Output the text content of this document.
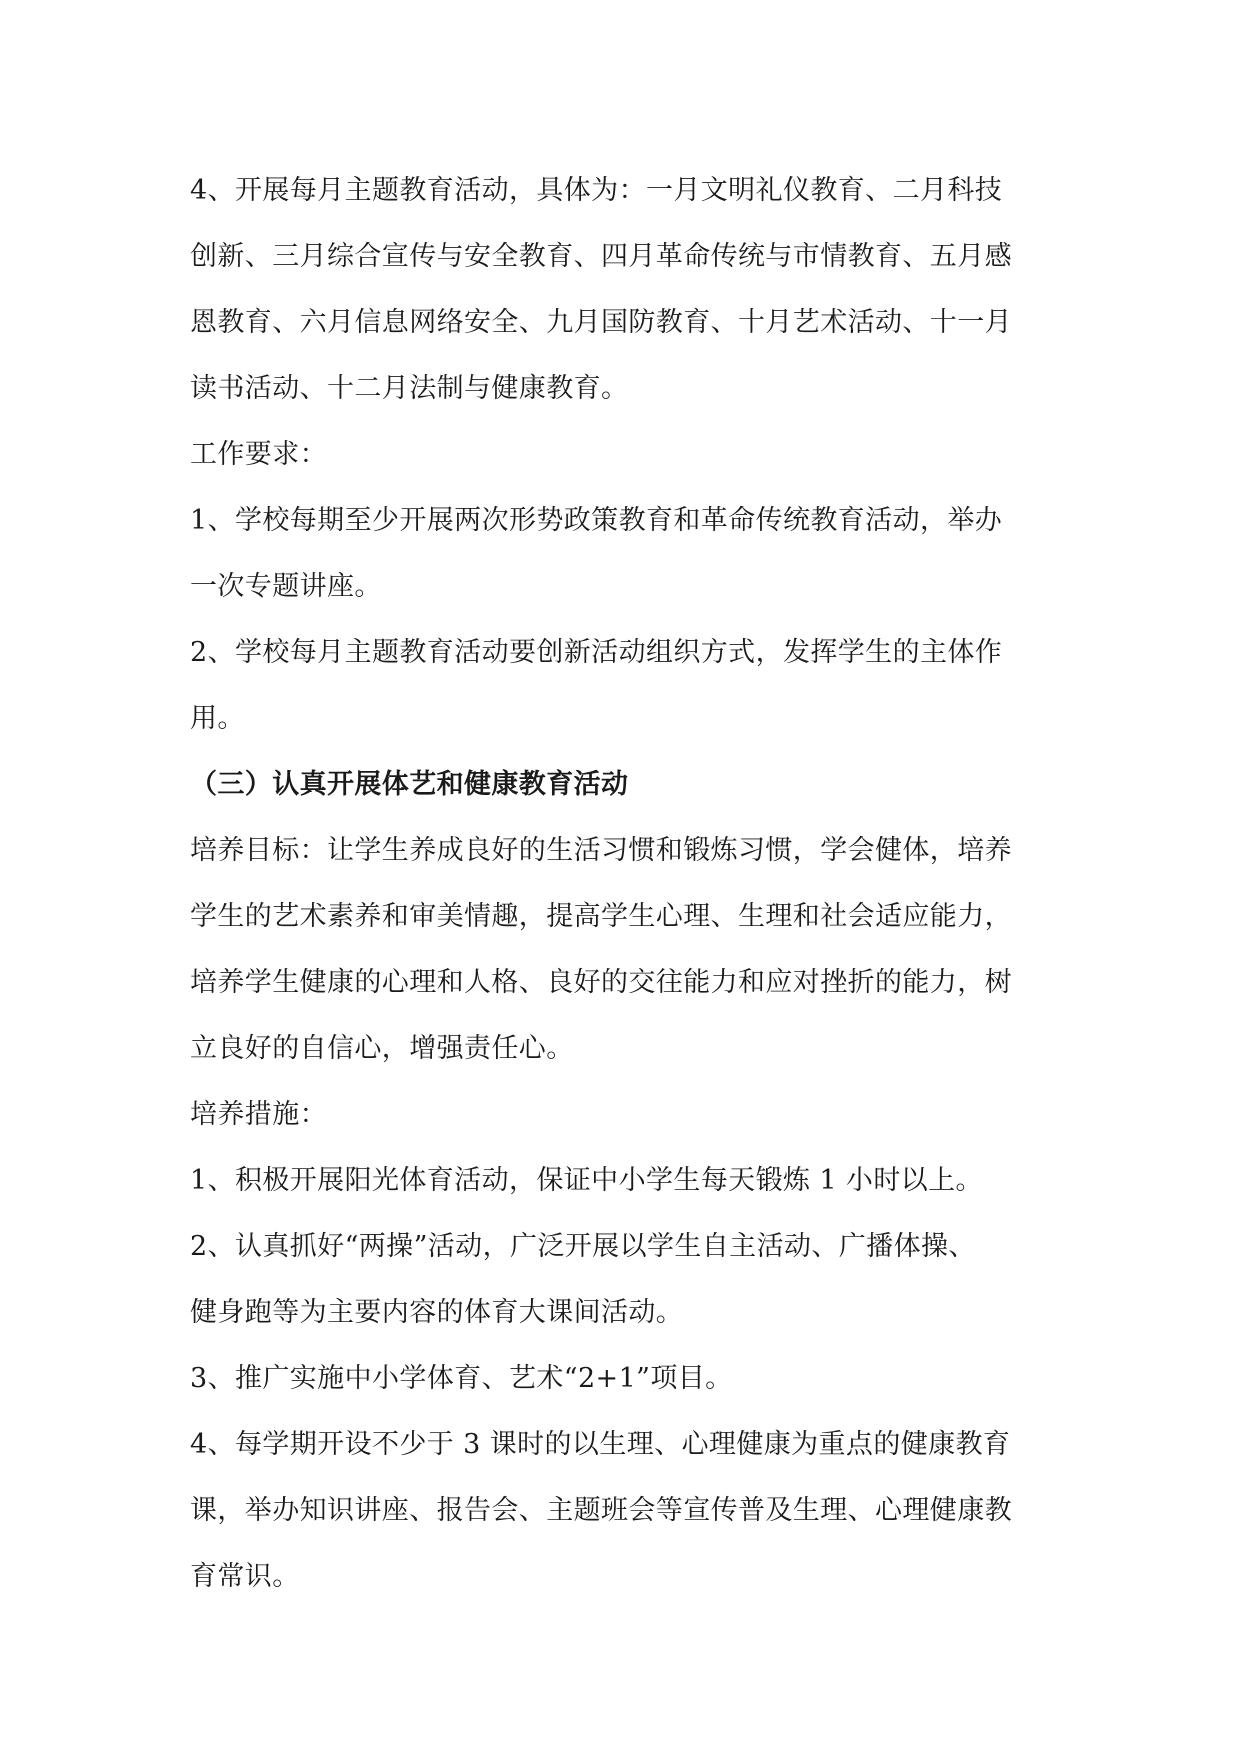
4、开展每月主题教育活动，具体为：一月文明礼仪教育、二月科技
创新、三月综合宣传与安全教育、四月革命传统与市情教育、五月感
恩教育、六月信息网络安全、九月国防教育、十月艺术活动、十一月
读书活动、十二月法制与健康教育。
工作要求：
1、学校每期至少开展两次形势政策教育和革命传统教育活动，举办
一次专题讲座。
2、学校每月主题教育活动要创新活动组织方式，发挥学生的主体作
用。
（三）认真开展体艺和健康教育活动
培养目标：让学生养成良好的生活习惯和锻炼习惯，学会健体，培养
学生的艺术素养和审美情趣，提高学生心理、生理和社会适应能力，
培养学生健康的心理和人格、良好的交往能力和应对挫折的能力，树
立良好的自信心，增强责任心。
培养措施：
1、积极开展阳光体育活动，保证中小学生每天锻炼 1 小时以上。
2、认真抓好“两操”活动，广泛开展以学生自主活动、广播体操、
健身跑等为主要内容的体育大课间活动。
3、推广实施中小学体育、艺术“2+1”项目。
4、每学期开设不少于 3 课时的以生理、心理健康为重点的健康教育
课，举办知识讲座、报告会、主题班会等宣传普及生理、心理健康教
育常识。
